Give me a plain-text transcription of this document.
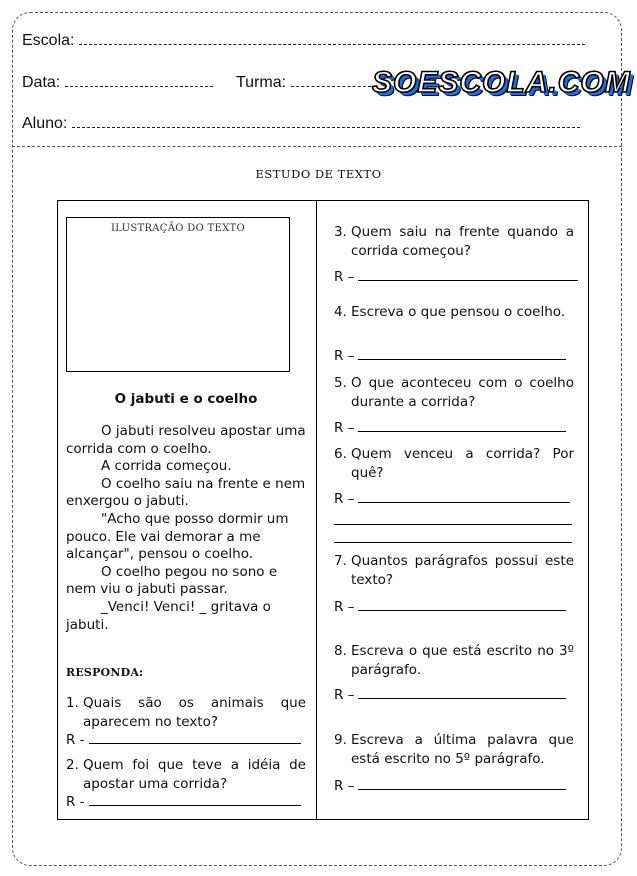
Escola:
Data:	Turma:	SOESCOLA.COM
Aluno:
ESTUDO DE TEXTO
ILUSTRAÇÃO DO TEXTO
O jabuti e o coelho

O jabuti resolveu apostar uma corrida com o coelho.

A corrida começou.

O coelho saiu na frente e nem enxergou o jabuti.

"Acho que posso dormir um pouco. Ele vai demorar a me alcançar", pensou o coelho.

O coelho pegou no sono e nem viu o jabuti passar.

_Venci! Venci! _ gritava o jabuti.

RESPONDA:
1. Quais são os animais que aparecem no texto?
R -
2. Quem foi que teve a idéia de apostar uma corrida?
R -
3. Quem saiu na frente quando a corrida começou?
R –
4. Escreva o que pensou o coelho.
R –
5. O que aconteceu com o coelho durante a corrida?
R –
6. Quem venceu a corrida? Por quê?
R –
7. Quantos parágrafos possui este texto?
R –
8. Escreva o que está escrito no 3º parágrafo.
R –
9. Escreva a última palavra que está escrito no 5º parágrafo.
R –
